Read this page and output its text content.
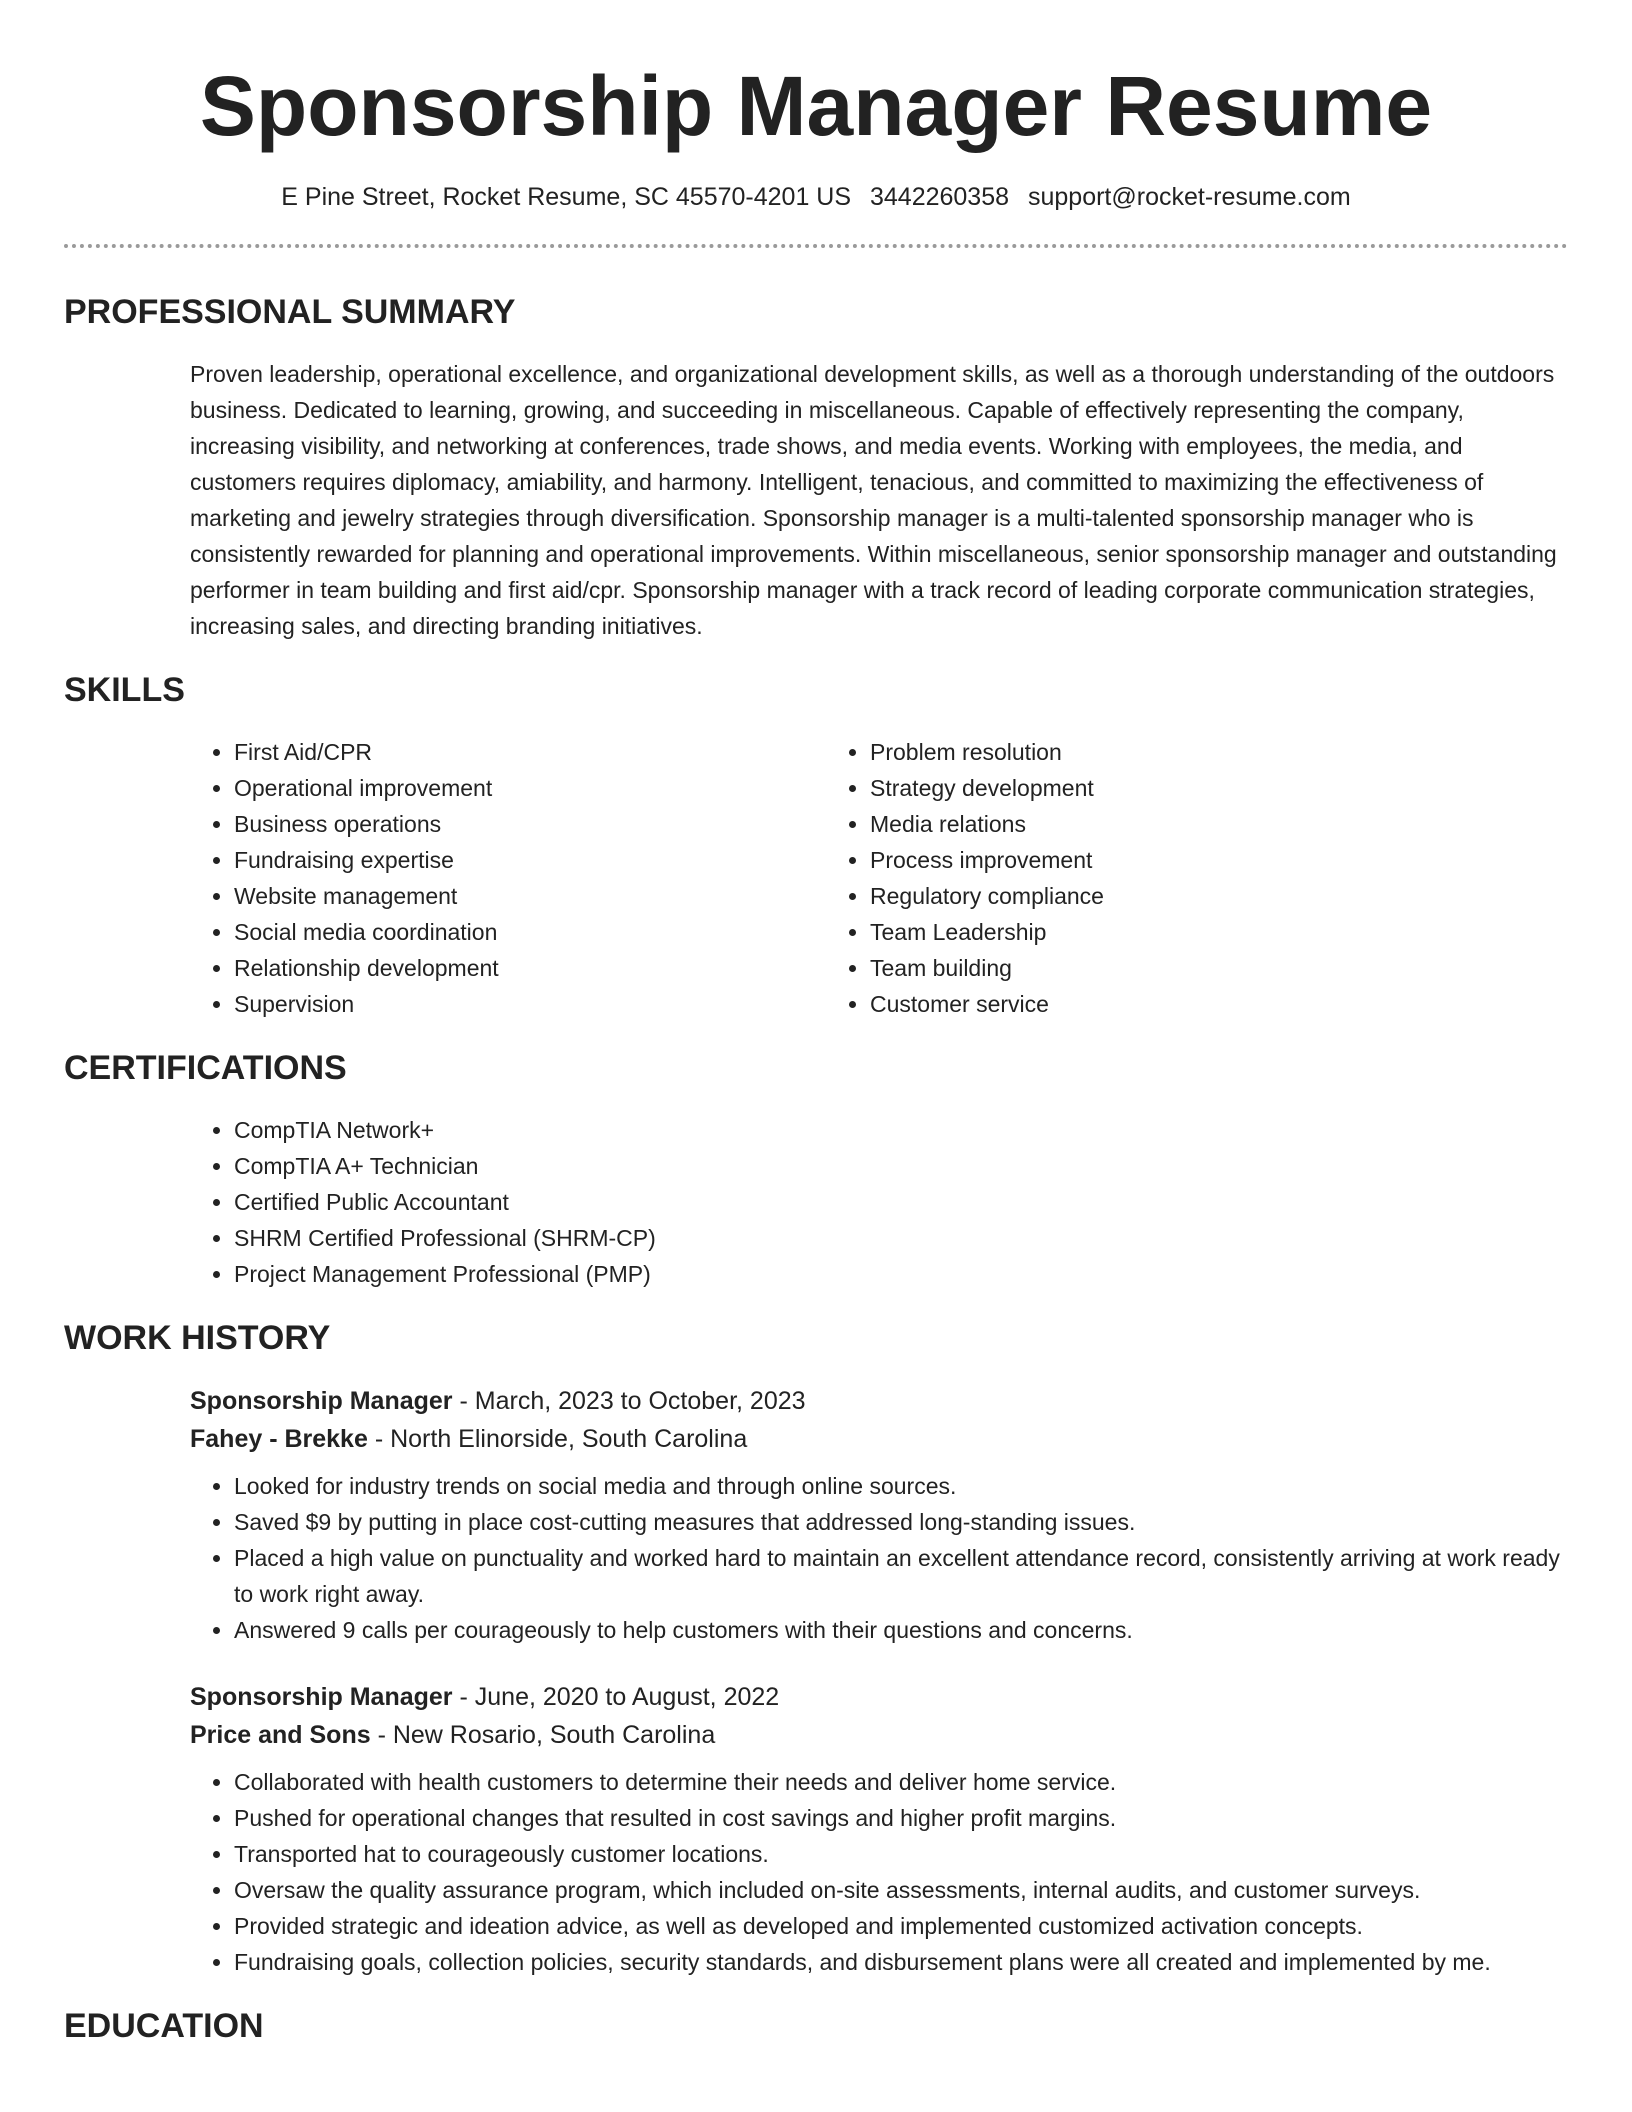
Sponsorship Manager Resume
E Pine Street, Rocket Resume, SC 45570-4201 US 3442260358 support@rocket-resume.com
PROFESSIONAL SUMMARY

Proven leadership, operational excellence, and organizational development skills, as well as a thorough understanding of the outdoors business. Dedicated to learning, growing, and succeeding in miscellaneous. Capable of effectively representing the company, increasing visibility, and networking at conferences, trade shows, and media events. Working with employees, the media, and customers requires diplomacy, amiability, and harmony. Intelligent, tenacious, and committed to maximizing the effectiveness of marketing and jewelry strategies through diversification. Sponsorship manager is a multi-talented sponsorship manager who is consistently rewarded for planning and operational improvements. Within miscellaneous, senior sponsorship manager and outstanding performer in team building and first aid/cpr. Sponsorship manager with a track record of leading corporate communication strategies, increasing sales, and directing branding initiatives.

SKILLS
• First Aid/CPR
• Operational improvement
• Business operations
• Fundraising expertise
• Website management
• Social media coordination
• Relationship development
• Supervision
• Problem resolution
• Strategy development
• Media relations
• Process improvement
• Regulatory compliance
• Team Leadership
• Team building
• Customer service
CERTIFICATIONS
• CompTIA Network+
• CompTIA A+ Technician
• Certified Public Accountant
• SHRM Certified Professional (SHRM-CP)
• Project Management Professional (PMP)
WORK HISTORY
Sponsorship Manager - March, 2023 to October, 2023
Fahey - Brekke - North Elinorside, South Carolina
• Looked for industry trends on social media and through online sources.
• Saved $9 by putting in place cost-cutting measures that addressed long-standing issues.
• Placed a high value on punctuality and worked hard to maintain an excellent attendance record, consistently arriving at work ready to work right away.
• Answered 9 calls per courageously to help customers with their questions and concerns.
Sponsorship Manager - June, 2020 to August, 2022
Price and Sons - New Rosario, South Carolina
• Collaborated with health customers to determine their needs and deliver home service.
• Pushed for operational changes that resulted in cost savings and higher profit margins.
• Transported hat to courageously customer locations.
• Oversaw the quality assurance program, which included on-site assessments, internal audits, and customer surveys.
• Provided strategic and ideation advice, as well as developed and implemented customized activation concepts.
• Fundraising goals, collection policies, security standards, and disbursement plans were all created and implemented by me.
EDUCATION
